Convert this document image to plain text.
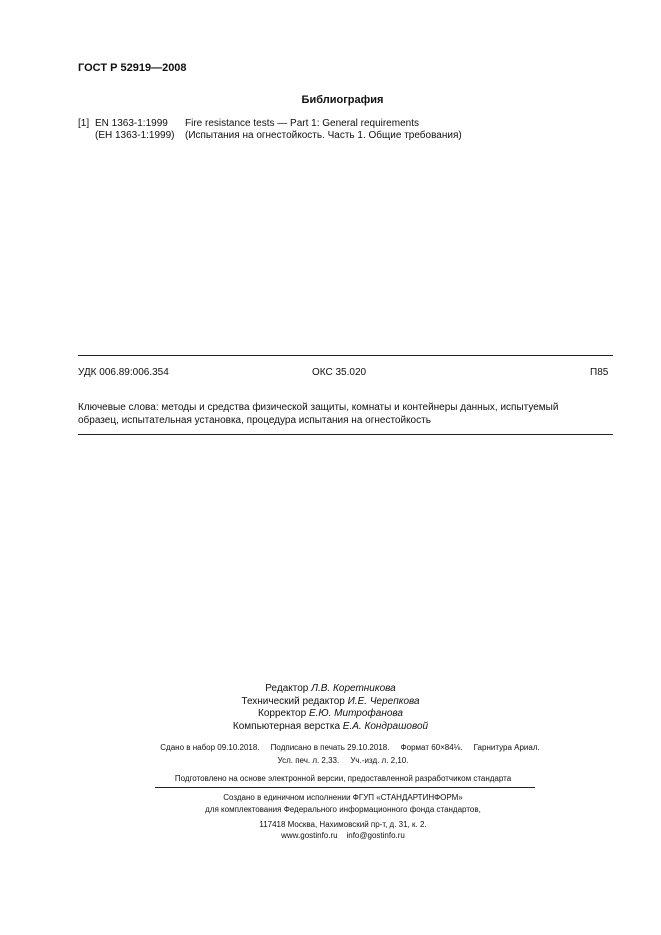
ГОСТ Р 52919—2008
Библиография
[1] EN 1363-1:1999
(ЕН 1363-1:1999)
Fire resistance tests — Part 1: General requirements
(Испытания на огнестойкость. Часть 1. Общие требования)
УДК 006.89:006.354	ОКС 35.020	П85
Ключевые слова: методы и средства физической защиты, комнаты и контейнеры данных, испытуемый
образец, испытательная установка, процедура испытания на огнестойкость
Редактор Л.В. Коретникова
Технический редактор И.Е. Черепкова
Корректор Е.Ю. Митрофанова
Компьютерная верстка Е.А. Кондрашовой
Сдано в набор 09.10.2018.     Подписано в печать 29.10.2018.     Формат 60×84⅛.     Гарнитура Ариал.
Усл. печ. л. 2,33.     Уч.-изд. л. 2,10.
Подготовлено на основе электронной версии, предоставленной разработчиком стандарта
Создано в единичном исполнении ФГУП «СТАНДАРТИНФОРМ»
для комплектования Федерального информационного фонда стандартов,
117418 Москва, Нахимовский пр-т, д. 31, к. 2.
www.gostinfo.ru info@gostinfo.ru
